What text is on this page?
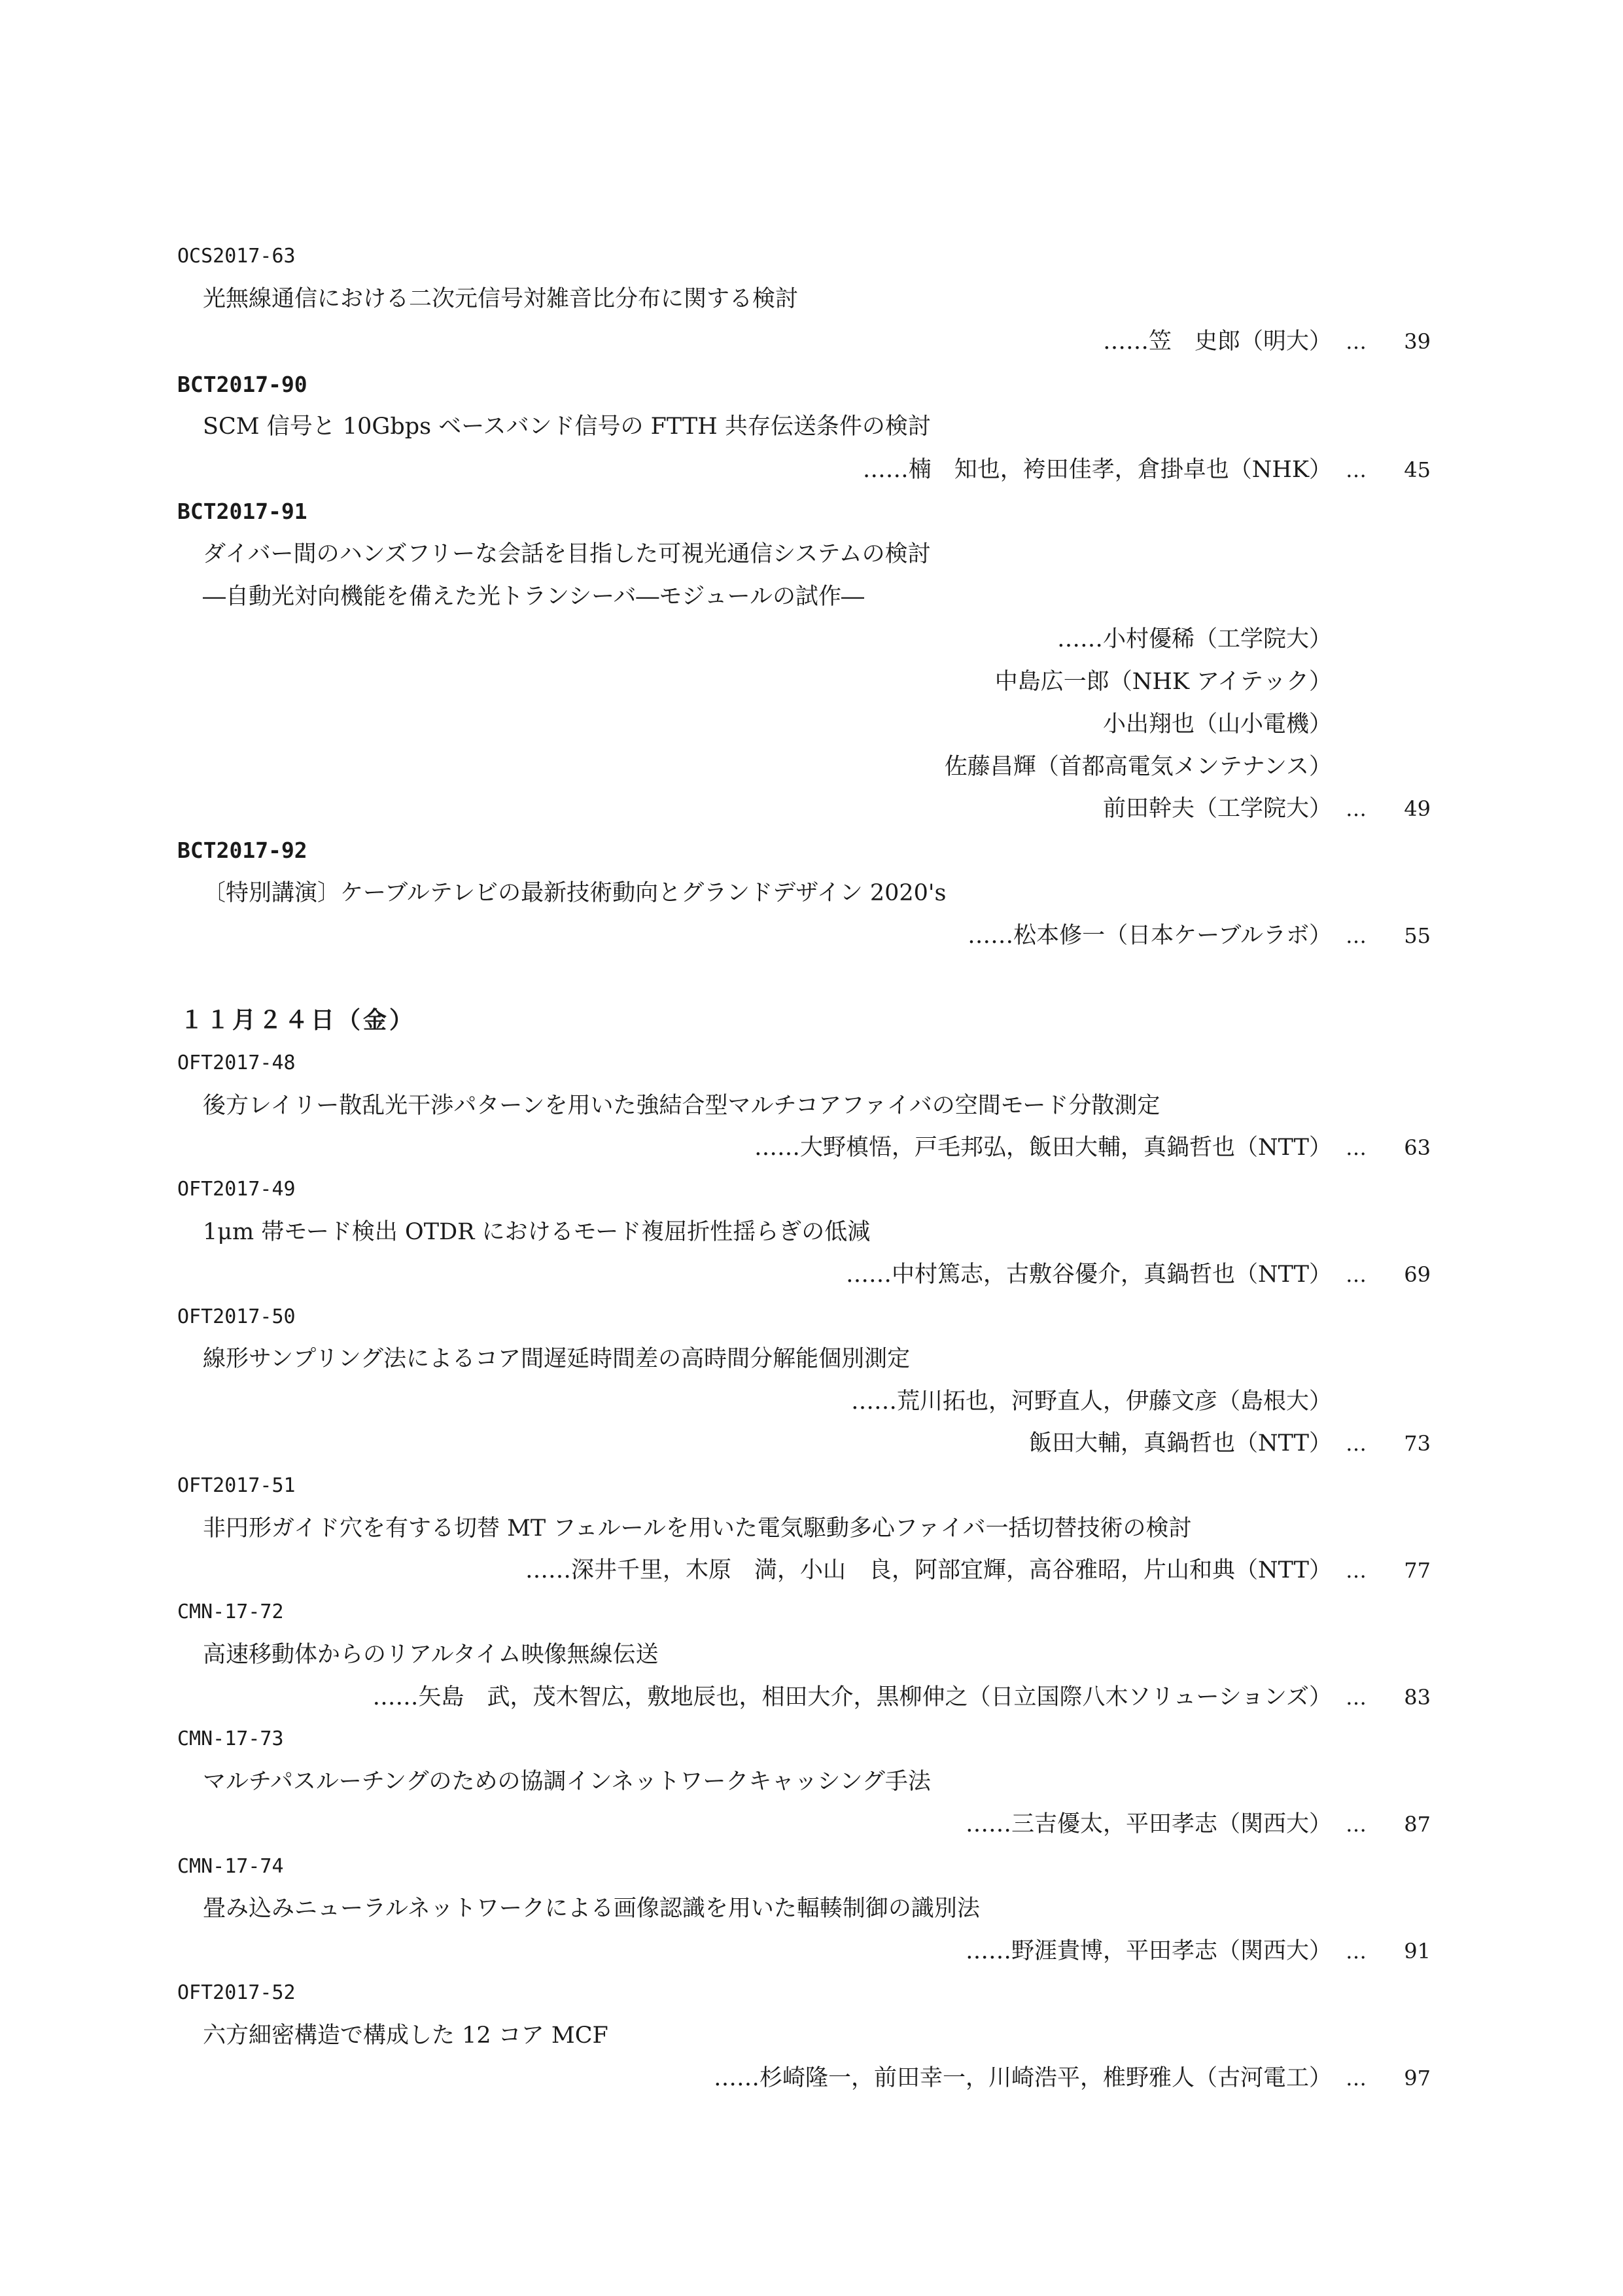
OCS2017-63
光無線通信における二次元信号対雑音比分布に関する検討
……笠　史郎（明大） …	39
BCT2017-90
SCM 信号と 10Gbps ベースバンド信号の FTTH 共存伝送条件の検討
……楠　知也，袴田佳孝，倉掛卓也（NHK） …	45
BCT2017-91
ダイバー間のハンズフリーな会話を目指した可視光通信システムの検討
―自動光対向機能を備えた光トランシーバ―モジュールの試作―
……小村優稀（工学院大）
中島広一郎（NHK アイテック）
小出翔也（山小電機）
佐藤昌輝（首都高電気メンテナンス）
前田幹夫（工学院大） …	49
BCT2017-92
〔特別講演〕ケーブルテレビの最新技術動向とグランドデザイン 2020's
……松本修一（日本ケーブルラボ） …	55
１１月２４日（金）
OFT2017-48
後方レイリー散乱光干渉パターンを用いた強結合型マルチコアファイバの空間モード分散測定
……大野槙悟，戸毛邦弘，飯田大輔，真鍋哲也（NTT） …	63
OFT2017-49
1μm 帯モード検出 OTDR におけるモード複屈折性揺らぎの低減
……中村篤志，古敷谷優介，真鍋哲也（NTT） …	69
OFT2017-50
線形サンプリング法によるコア間遅延時間差の高時間分解能個別測定
……荒川拓也，河野直人，伊藤文彦（島根大）
飯田大輔，真鍋哲也（NTT） …	73
OFT2017-51
非円形ガイド穴を有する切替 MT フェルールを用いた電気駆動多心ファイバ一括切替技術の検討
……深井千里，木原　満，小山　良，阿部宜輝，高谷雅昭，片山和典（NTT） …	77
CMN-17-72
高速移動体からのリアルタイム映像無線伝送
……矢島　武，茂木智広，敷地辰也，相田大介，黒柳伸之（日立国際八木ソリューションズ） …	83
CMN-17-73
マルチパスルーチングのための協調インネットワークキャッシング手法
……三吉優太，平田孝志（関西大） …	87
CMN-17-74
畳み込みニューラルネットワークによる画像認識を用いた輻輳制御の識別法
……野涯貴博，平田孝志（関西大） …	91
OFT2017-52
六方細密構造で構成した 12 コア MCF
……杉崎隆一，前田幸一，川崎浩平，椎野雅人（古河電工） …	97
